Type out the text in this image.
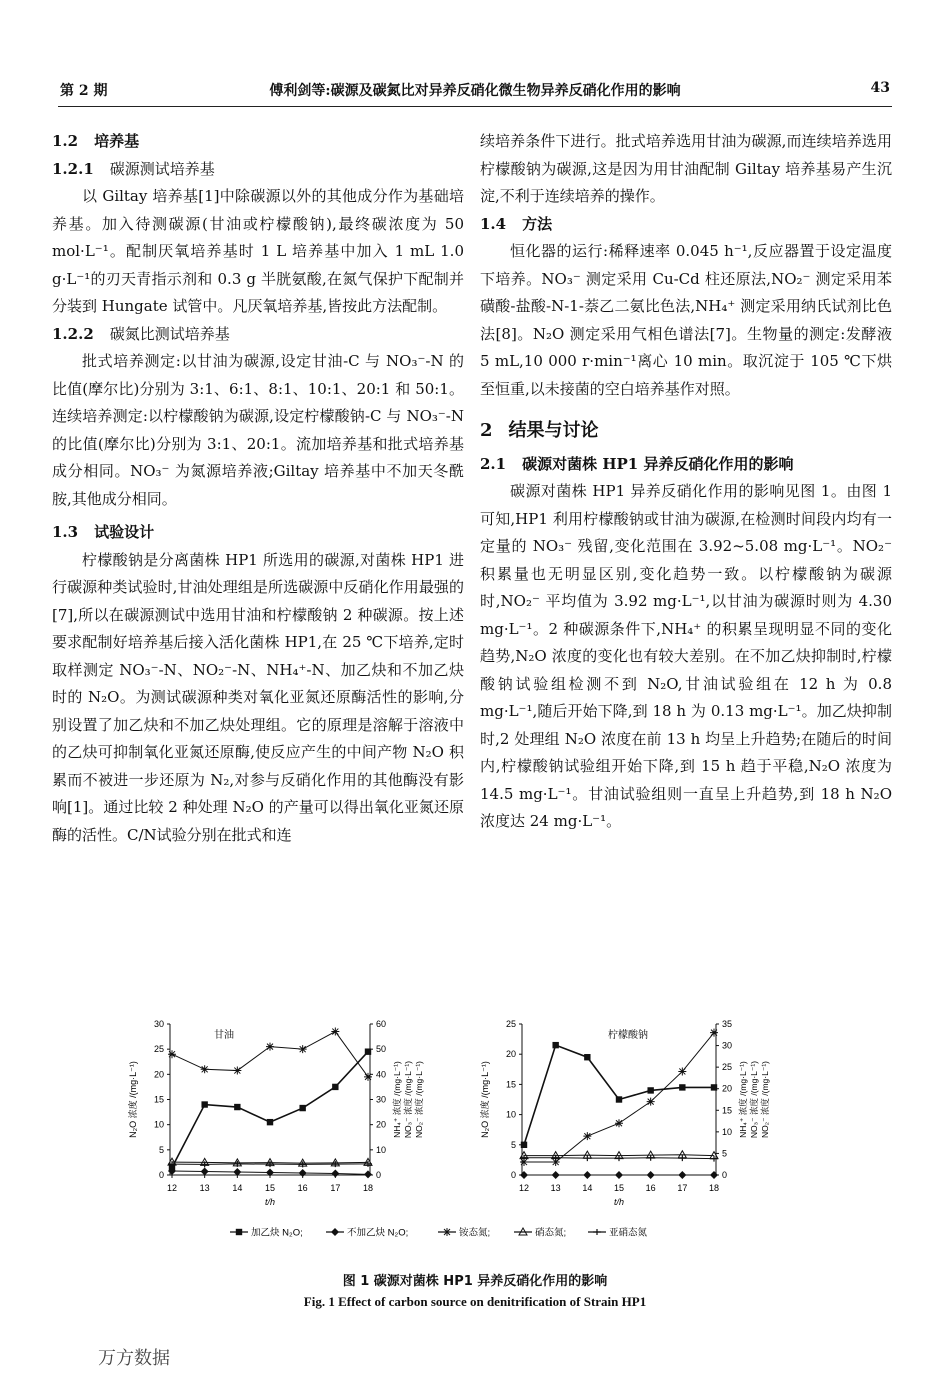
第 2 期	傅利剑等:碳源及碳氮比对异养反硝化微生物异养反硝化作用的影响	43
1.2 培养基
1.2.1 碳源测试培养基

以 Giltay 培养基[1]中除碳源以外的其他成分作为基础培养基。加入待测碳源(甘油或柠檬酸钠),最终碳浓度为 50 mol·L⁻¹。配制厌氧培养基时 1 L 培养基中加入 1 mL 1.0 g·L⁻¹的刃天青指示剂和 0.3 g 半胱氨酸,在氮气保护下配制并分装到 Hungate 试管中。凡厌氧培养基,皆按此方法配制。

1.2.2 碳氮比测试培养基

批式培养测定:以甘油为碳源,设定甘油-C 与 NO₃⁻-N 的比值(摩尔比)分别为 3:1、6:1、8:1、10:1、20:1 和 50:1。连续培养测定:以柠檬酸钠为碳源,设定柠檬酸钠-C 与 NO₃⁻-N 的比值(摩尔比)分别为 3:1、20:1。流加培养基和批式培养基成分相同。NO₃⁻ 为氮源培养液;Giltay 培养基中不加天冬酰胺,其他成分相同。

1.3 试验设计

柠檬酸钠是分离菌株 HP1 所选用的碳源,对菌株 HP1 进行碳源种类试验时,甘油处理组是所选碳源中反硝化作用最强的[7],所以在碳源测试中选用甘油和柠檬酸钠 2 种碳源。按上述要求配制好培养基后接入活化菌株 HP1,在 25 ℃下培养,定时取样测定 NO₃⁻-N、NO₂⁻-N、NH₄⁺-N、加乙炔和不加乙炔时的 N₂O。为测试碳源种类对氧化亚氮还原酶活性的影响,分别设置了加乙炔和不加乙炔处理组。它的原理是溶解于溶液中的乙炔可抑制氧化亚氮还原酶,使反应产生的中间产物 N₂O 积累而不被进一步还原为 N₂,对参与反硝化作用的其他酶没有影响[1]。通过比较 2 种处理 N₂O 的产量可以得出氧化亚氮还原酶的活性。C/N试验分别在批式和连

续培养条件下进行。批式培养选用甘油为碳源,而连续培养选用柠檬酸钠为碳源,这是因为用甘油配制 Giltay 培养基易产生沉淀,不利于连续培养的操作。

1.4 方法

恒化器的运行:稀释速率 0.045 h⁻¹,反应器置于设定温度下培养。NO₃⁻ 测定采用 Cu-Cd 柱还原法,NO₂⁻ 测定采用苯磺酸-盐酸-N-1-萘乙二氨比色法,NH₄⁺ 测定采用纳氏试剂比色法[8]。N₂O 测定采用气相色谱法[7]。生物量的测定:发酵液 5 mL,10 000 r·min⁻¹离心 10 min。取沉淀于 105 ℃下烘至恒重,以未接菌的空白培养基作对照。

2 结果与讨论
2.1 碳源对菌株 HP1 异养反硝化作用的影响

碳源对菌株 HP1 异养反硝化作用的影响见图 1。由图 1 可知,HP1 利用柠檬酸钠或甘油为碳源,在检测时间段内均有一定量的 NO₃⁻ 残留,变化范围在 3.92~5.08 mg·L⁻¹。NO₂⁻ 积累量也无明显区别,变化趋势一致。以柠檬酸钠为碳源时,NO₂⁻ 平均值为 3.92 mg·L⁻¹,以甘油为碳源时则为 4.30 mg·L⁻¹。2 种碳源条件下,NH₄⁺ 的积累呈现明显不同的变化趋势,N₂O 浓度的变化也有较大差别。在不加乙炔抑制时,柠檬酸钠试验组检测不到 N₂O,甘油试验组在 12 h 为 0.8 mg·L⁻¹,随后开始下降,到 18 h 为 0.13 mg·L⁻¹。加乙炔抑制时,2 处理组 N₂O 浓度在前 13 h 均呈上升趋势;在随后的时间内,柠檬酸钠试验组开始下降,到 15 h 趋于平稳,N₂O 浓度为 14.5 mg·L⁻¹。甘油试验组则一直呈上升趋势,到 18 h N₂O 浓度达 24 mg·L⁻¹。

0
5
10
15
20
25
30
0
10
20
30
40
50
60
12	13	14	15	16	17	18
t/h
甘油
N₂O 浓度 /(mg·L⁻¹)	NH₄⁺ 浓度 /(mg·L⁻¹) NO₃⁻ 浓度 /(mg·L⁻¹) NO₂⁻ 浓度 /(mg·L⁻¹)
0
5
10
15
20
25
0
5
10
15
20
25
30
35
12 13 14 15 16 17 18
t/h
柠檬酸钠
N₂O 浓度 /(mg·L⁻¹)	NH₄⁺ 浓度 /(mg·L⁻¹) NO₃⁻ 浓度 /(mg·L⁻¹) NO₂⁻ 浓度 /(mg·L⁻¹)
加乙炔 N₂O;	不加乙炔 N₂O;	铵态氮;	硝态氮;	亚硝态氮
图 1 碳源对菌株 HP1 异养反硝化作用的影响
Fig. 1 Effect of carbon source on denitrification of Strain HP1
万方数据
